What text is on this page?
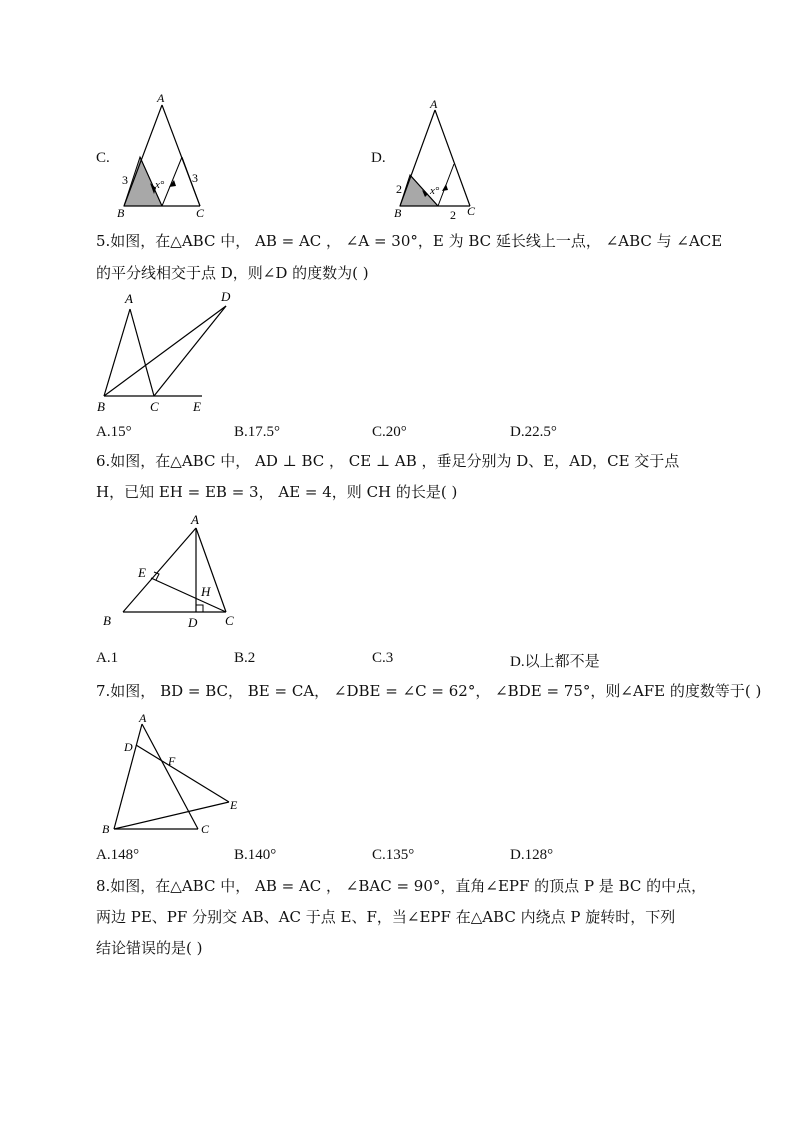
C.
A
B	C
3	3
x°
D.
A
B	C
2
2
x°
5.如图，在△ABC 中， AB = AC ， ∠A = 30°，E 为 BC 延长线上一点， ∠ABC 与 ∠ACE
的平分线相交于点 D，则∠D 的度数为( )
A
B	C
D
E
A.15°	B.17.5°	C.20°	D.22.5°
6.如图，在△ABC 中， AD ⊥ BC ， CE ⊥ AB ，垂足分别为 D、E，AD，CE 交于点
H，已知 EH = EB = 3， AE = 4，则 CH 的长是( )
A
B	C
D
E
H
A.1	B.2	C.3	D.以上都不是
7.如图， BD = BC， BE = CA， ∠DBE = ∠C = 62°， ∠BDE = 75°，则∠AFE 的度数等于( )
A
D
F
E
B	C
A.148°	B.140°	C.135°	D.128°
8.如图，在△ABC 中， AB = AC ， ∠BAC = 90°，直角∠EPF 的顶点 P 是 BC 的中点，
两边 PE、PF 分别交 AB、AC 于点 E、F，当∠EPF 在△ABC 内绕点 P 旋转时，下列
结论错误的是( )
